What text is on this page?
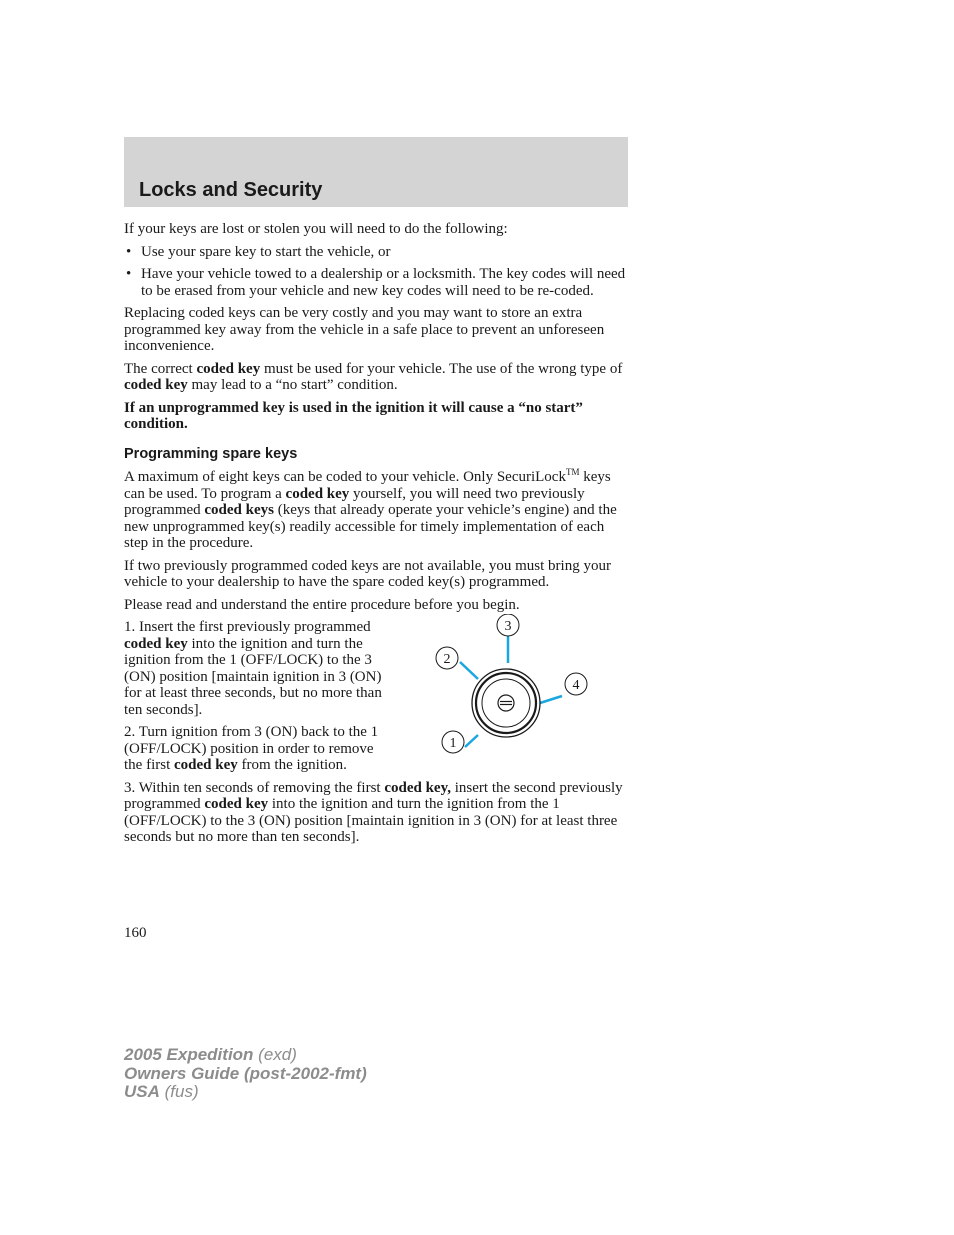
Locks and Security

If your keys are lost or stolen you will need to do the following:

• Use your spare key to start the vehicle, or
• Have your vehicle towed to a dealership or a locksmith. The key codes will need to be erased from your vehicle and new key codes will need to be re-coded.

Replacing coded keys can be very costly and you may want to store an extra programmed key away from the vehicle in a safe place to prevent an unforeseen inconvenience.

The correct coded key must be used for your vehicle. The use of the wrong type of coded key may lead to a “no start” condition.

If an unprogrammed key is used in the ignition it will cause a “no start” condition.

Programming spare keys

A maximum of eight keys can be coded to your vehicle. Only SecuriLock™ keys can be used. To program a coded key yourself, you will need two previously programmed coded keys (keys that already operate your vehicle’s engine) and the new unprogrammed key(s) readily accessible for timely implementation of each step in the procedure.

If two previously programmed coded keys are not available, you must bring your vehicle to your dealership to have the spare coded key(s) programmed.

Please read and understand the entire procedure before you begin.

1. Insert the first previously programmed coded key into the ignition and turn the ignition from the 1 (OFF/LOCK) to the 3 (ON) position [maintain ignition in 3 (ON) for at least three seconds, but no more than ten seconds].

2. Turn ignition from 3 (ON) back to the 1 (OFF/LOCK) position in order to remove the first coded key from the ignition.

3
2
4
1

3. Within ten seconds of removing the first coded key, insert the second previously programmed coded key into the ignition and turn the ignition from the 1 (OFF/LOCK) to the 3 (ON) position [maintain ignition in 3 (ON) for at least three seconds but no more than ten seconds].

160
2005 Expedition (exd)
Owners Guide (post-2002-fmt)
USA (fus)
